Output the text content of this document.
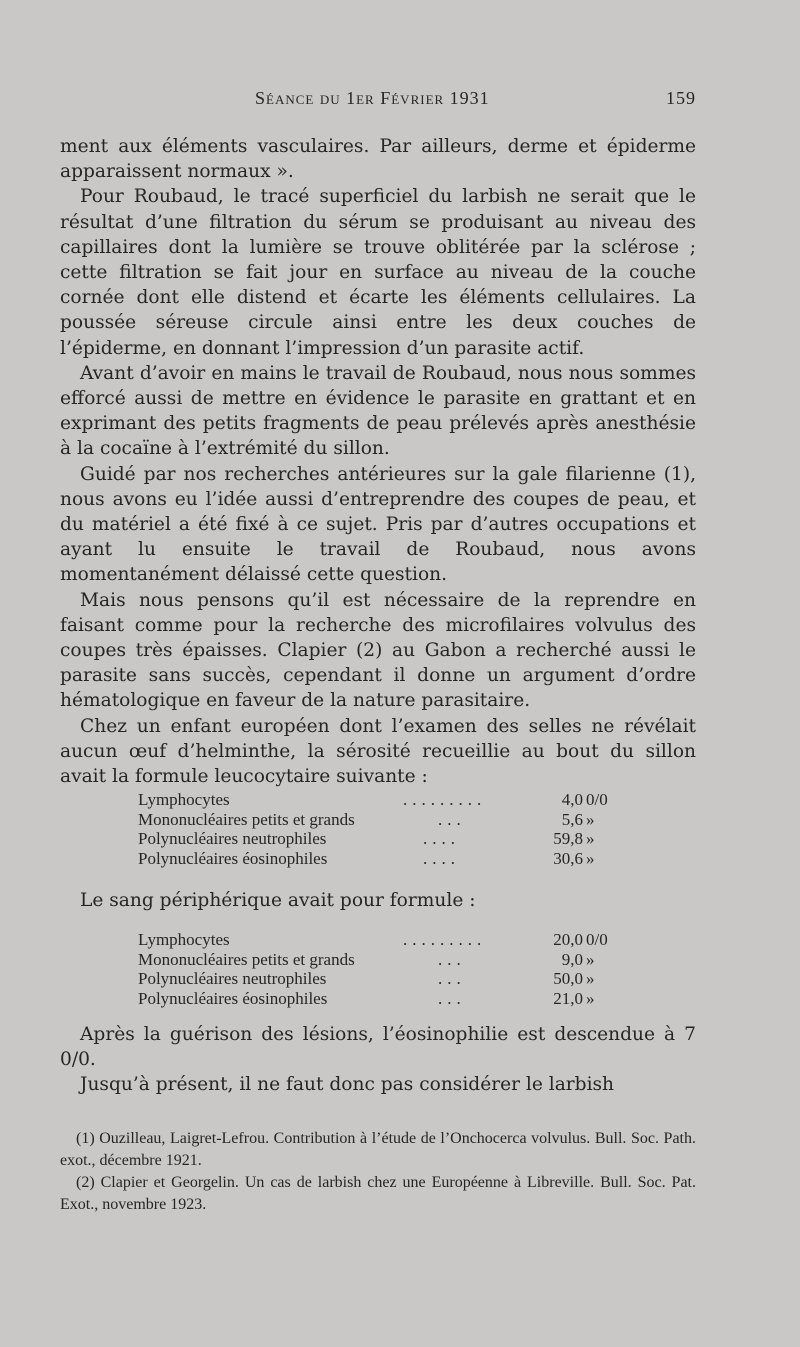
Séance du 1er Février 1931	159

ment aux éléments vasculaires. Par ailleurs, derme et épiderme apparaissent normaux ».

Pour Roubaud, le tracé superficiel du larbish ne serait que le résultat d’une filtration du sérum se produisant au niveau des capillaires dont la lumière se trouve oblitérée par la sclérose ; cette filtration se fait jour en surface au niveau de la couche cornée dont elle distend et écarte les éléments cellulaires. La poussée séreuse circule ainsi entre les deux couches de l’épiderme, en donnant l’impression d’un parasite actif.

Avant d’avoir en mains le travail de Roubaud, nous nous sommes efforcé aussi de mettre en évidence le parasite en grattant et en exprimant des petits fragments de peau prélevés après anesthésie à la cocaïne à l’extrémité du sillon.

Guidé par nos recherches antérieures sur la gale filarienne (1), nous avons eu l’idée aussi d’entreprendre des coupes de peau, et du matériel a été fixé à ce sujet. Pris par d’autres occupations et ayant lu ensuite le travail de Roubaud, nous avons momentanément délaissé cette question.

Mais nous pensons qu’il est nécessaire de la reprendre en faisant comme pour la recherche des microfilaires volvulus des coupes très épaisses. Clapier (2) au Gabon a recherché aussi le parasite sans succès, cependant il donne un argument d’ordre hématologique en faveur de la nature parasitaire.

Chez un enfant européen dont l’examen des selles ne révélait aucun œuf d’helminthe, la sérosité recueillie au bout du sillon avait la formule leucocytaire suivante :

Lymphocytes	.........	4,0 0/0
Mononucléaires petits et grands	...	5,6 »
Polynucléaires neutrophiles	....	59,8 »
Polynucléaires éosinophiles	....	30,6 »
Le sang périphérique avait pour formule :
Lymphocytes	.........	20,0 0/0
Mononucléaires petits et grands	...	9,0 »
Polynucléaires neutrophiles	...	50,0 »
Polynucléaires éosinophiles	...	21,0 »

Après la guérison des lésions, l’éosinophilie est descendue à 7 0/0.

Jusqu’à présent, il ne faut donc pas considérer le larbish

(1) Ouzilleau, Laigret-Lefrou. Contribution à l’étude de l’Onchocerca volvulus. Bull. Soc. Path. exot., décembre 1921.

(2) Clapier et Georgelin. Un cas de larbish chez une Européenne à Libreville. Bull. Soc. Pat. Exot., novembre 1923.
